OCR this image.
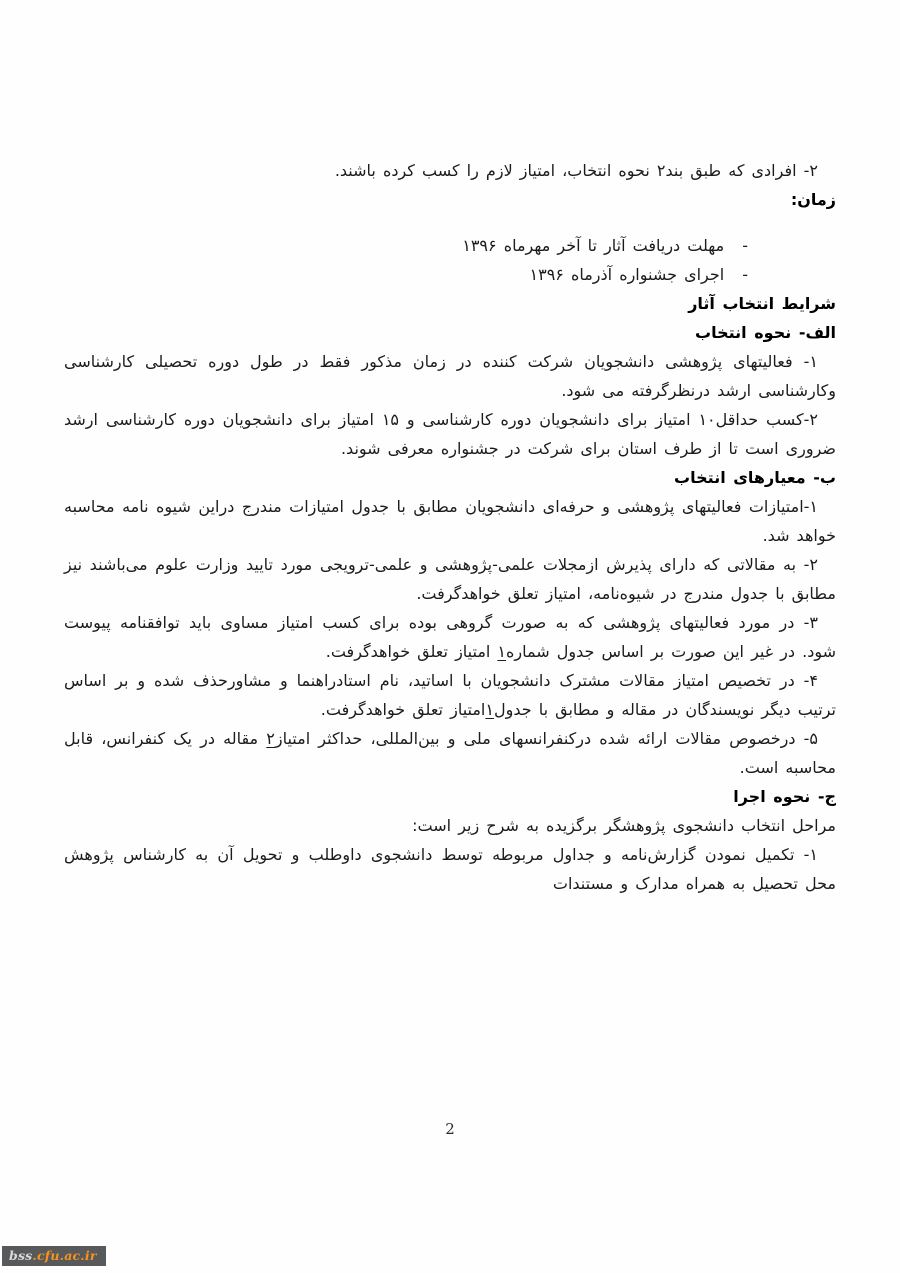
۲- افرادی که طبق بند۲ نحوه انتخاب، امتیاز لازم را کسب کرده باشند.

زمان:

-
مهلت دریافت آثار تا آخر مهرماه ۱۳۹۶
-
اجرای جشنواره آذرماه ۱۳۹۶

شرایط انتخاب آثار

الف- نحوه انتخاب

۱- فعالیتهای پژوهشی دانشجویان شرکت کننده در زمان مذکور فقط در طول دوره تحصیلی کارشناسی وکارشناسی ارشد درنظرگرفته می شود.

۲-کسب حداقل۱۰ امتیاز برای دانشجویان دوره کارشناسی و ۱۵ امتیاز برای دانشجویان دوره کارشناسی ارشد ضروری است تا از طرف استان برای شرکت در جشنواره معرفی شوند.

ب- معیارهای انتخاب

۱-امتیازات فعالیتهای پژوهشی و حرفه‌ای دانشجویان مطابق با جدول امتیازات مندرج دراین شیوه نامه محاسبه خواهد شد.

۲- به مقالاتی که دارای پذیرش ازمجلات علمی-پژوهشی و علمی-ترویجی مورد تایید وزارت علوم می‌باشند نیز مطابق با جدول مندرج در شیوه‌نامه، امتیاز تعلق خواهدگرفت.

۳- در مورد فعالیتهای پژوهشی که به صورت گروهی بوده برای کسب امتیاز مساوی باید توافقنامه پیوست شود. در غیر این صورت بر اساس جدول شماره۱ امتیاز تعلق خواهدگرفت.

۴- در تخصیص امتیاز مقالات مشترک دانشجویان با اساتید، نام استادراهنما و مشاورحذف شده و بر اساس ترتیب دیگر نویسندگان در مقاله و مطابق با جدول۱امتیاز تعلق خواهدگرفت.

۵- درخصوص مقالات ارائه شده درکنفرانسهای ملی و بین‌المللی، حداکثر امتیاز۲ مقاله در یک کنفرانس، قابل محاسبه است.

ج- نحوه اجرا

مراحل انتخاب دانشجوی پژوهشگر برگزیده به شرح زیر است:

۱- تکمیل نمودن گزارش‌نامه و جداول مربوطه توسط دانشجوی داوطلب و تحویل آن به کارشناس پژوهش محل تحصیل به همراه مدارک و مستندات

2
bss .cfu.ac.ir
